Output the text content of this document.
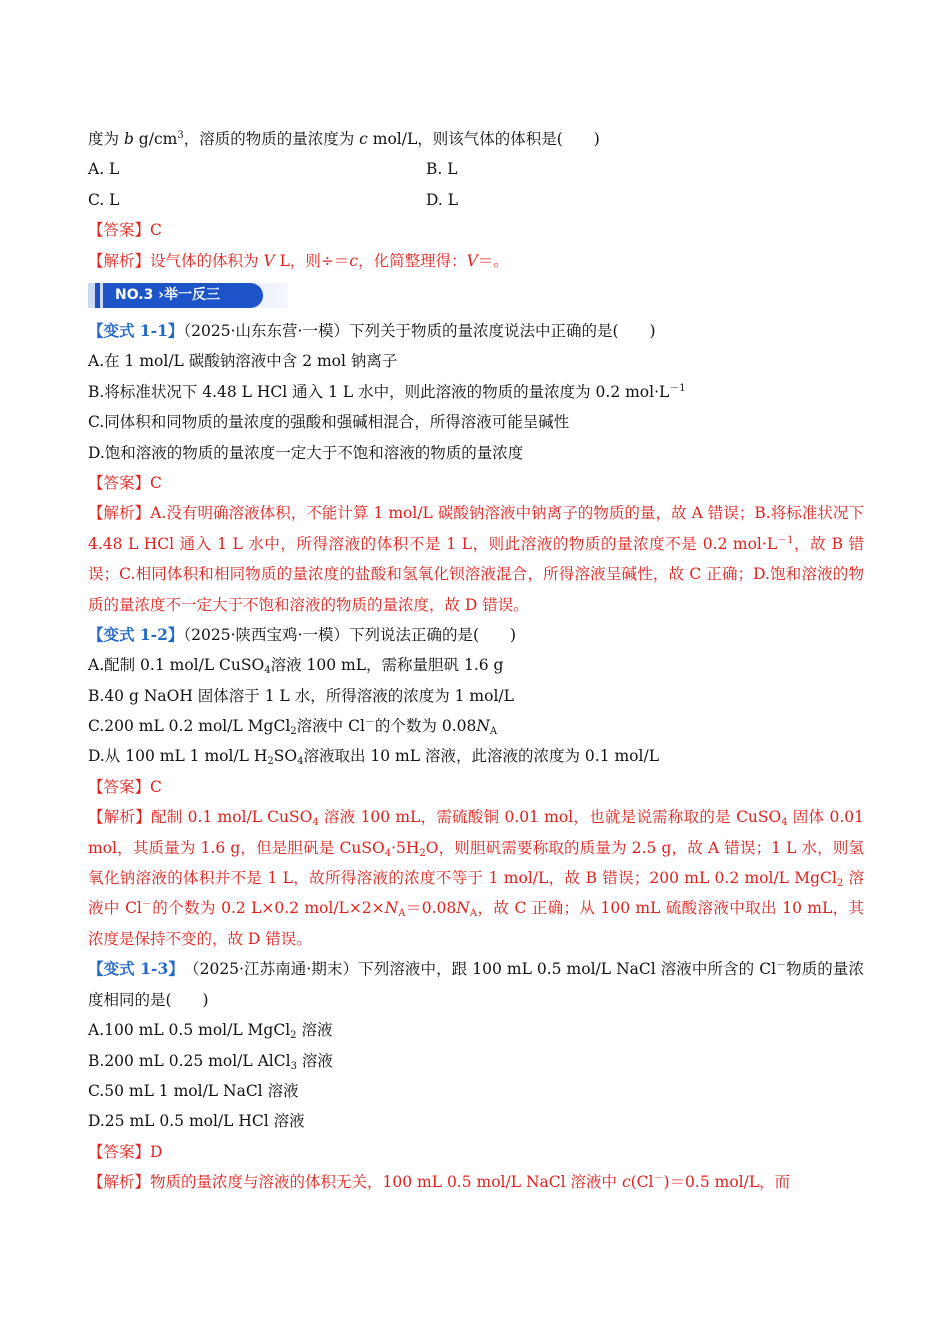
度为 b $g/cm^3$，溶质的物质的量浓度为 c mol/L，则该气体的体积是(　　)
A. L	B. L
C. L	D. L
【答案】C
【解析】设气体的体积为 V L，则÷＝c，化简整理得：V＝。
NO.3 ›举一反三
【变式 1-1】（2025·山东东营·一模）下列关于物质的量浓度说法中正确的是(　　)
A.在 1 mol/L 碳酸钠溶液中含 2 mol 钠离子
B.将标准状况下 4.48 L HCl 通入 1 L 水中，则此溶液的物质的量浓度为 0.2 $mol\cdot L^{-1}$
C.同体积和同物质的量浓度的强酸和强碱相混合，所得溶液可能呈碱性
D.饱和溶液的物质的量浓度一定大于不饱和溶液的物质的量浓度
【答案】C
【解析】A.没有明确溶液体积，不能计算 1 mol/L 碳酸钠溶液中钠离子的物质的量，故 A 错误；B.将标准状况下 4.48 L HCl 通入 1 L 水中，所得溶液的体积不是 1 L，则此溶液的物质的量浓度不是 0.2 $mol\cdot L^{-1}$，故 B 错误；C.相同体积和相同物质的量浓度的盐酸和氢氧化钡溶液混合，所得溶液呈碱性，故 C 正确；D.饱和溶液的物质的量浓度不一定大于不饱和溶液的物质的量浓度，故 D 错误。
【变式 1-2】（2025·陕西宝鸡·一模）下列说法正确的是(　　)
A.配制 0.1 mol/L CuSO$_4$溶液 100 mL，需称量胆矾 1.6 g
B.40 g NaOH 固体溶于 1 L 水，所得溶液的浓度为 1 mol/L
C.200 mL 0.2 mol/L MgCl$_2$溶液中 Cl－的个数为 $0.08N_A$
D.从 100 mL 1 mol/L $H_2SO_4$溶液取出 10 mL 溶液，此溶液的浓度为 0.1 mol/L
【答案】C
【解析】配制 0.1 mol/L CuSO$_4$ 溶液 100 mL，需硫酸铜 0.01 mol，也就是说需称取的是 CuSO$_4$ 固体 0.01 mol，其质量为 1.6 g，但是胆矾是 $CuSO_4\cdot 5H_2O$，则胆矾需要称取的质量为 2.5 g，故 A 错误；1 L 水，则氢氧化钠溶液的体积并不是 1 L，故所得溶液的浓度不等于 1 mol/L，故 B 错误；200 mL 0.2 mol/L MgCl$_2$ 溶液中 Cl－的个数为 0.2 L×0.2 mol/$L\times 2\times N_A=0.08N_A$，故 C 正确；从 100 mL 硫酸溶液中取出 10 mL，其浓度是保持不变的，故 D 错误。
【变式 1-3】　（2025·江苏南通·期末）下列溶液中，跟 100 mL 0.5 mol/L NaCl 溶液中所含的 Cl－物质的量浓度相同的是(　　)
A.100 mL 0.5 mol/L MgCl$_2$ 溶液
B.200 mL 0.25 mol/L AlCl$_3$ 溶液
C.50 mL 1 mol/L NaCl 溶液
D.25 mL 0.5 mol/L HCl 溶液
【答案】D
【解析】物质的量浓度与溶液的体积无关，100 mL 0.5 mol/L NaCl 溶液中 c(Cl－)＝0.5 mol/L，而
